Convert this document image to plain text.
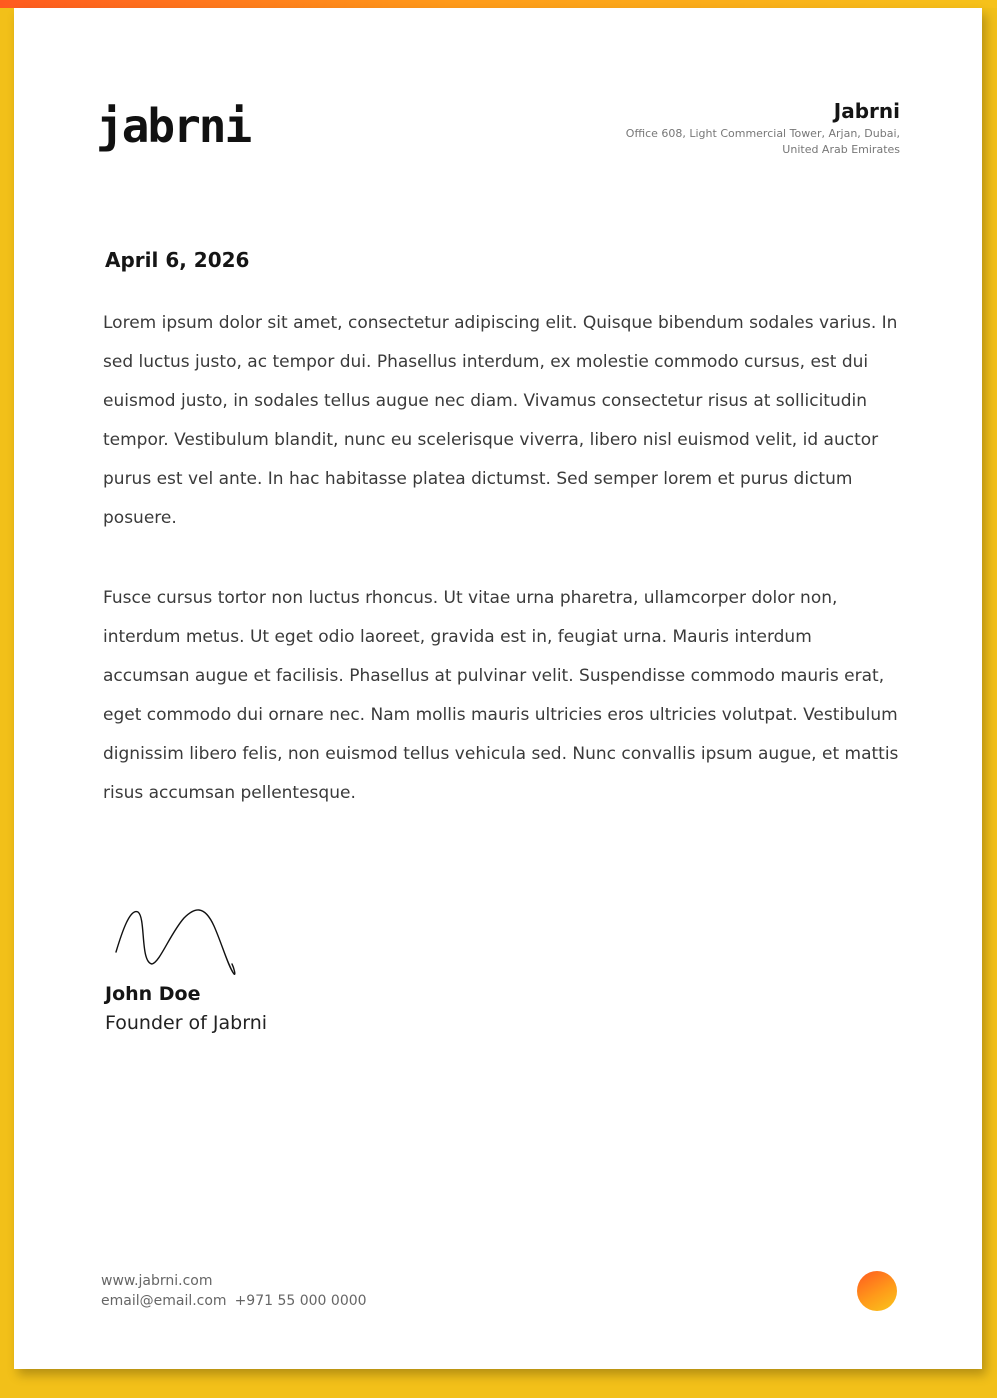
jabrni	Jabrni
Office 608, Light Commercial Tower, Arjan, Dubai, United Arab Emirates
April 6, 2026

Lorem ipsum dolor sit amet, consectetur adipiscing elit. Quisque bibendum sodales varius. In sed luctus justo, ac tempor dui. Phasellus interdum, ex molestie commodo cursus, est dui euismod justo, in sodales tellus augue nec diam. Vivamus consectetur risus at sollicitudin tempor. Vestibulum blandit, nunc eu scelerisque viverra, libero nisl euismod velit, id auctor purus est vel ante. In hac habitasse platea dictumst. Sed semper lorem et purus dictum posuere.

Fusce cursus tortor non luctus rhoncus. Ut vitae urna pharetra, ullamcorper dolor non, interdum metus. Ut eget odio laoreet, gravida est in, feugiat urna. Mauris interdum accumsan augue et facilisis. Phasellus at pulvinar velit. Suspendisse commodo mauris erat, eget commodo dui ornare nec. Nam mollis mauris ultricies eros ultricies volutpat. Vestibulum dignissim libero felis, non euismod tellus vehicula sed. Nunc convallis ipsum augue, et mattis risus accumsan pellentesque.

John Doe
Founder of Jabrni
www.jabrni.com
email@email.com +971 55 000 0000
